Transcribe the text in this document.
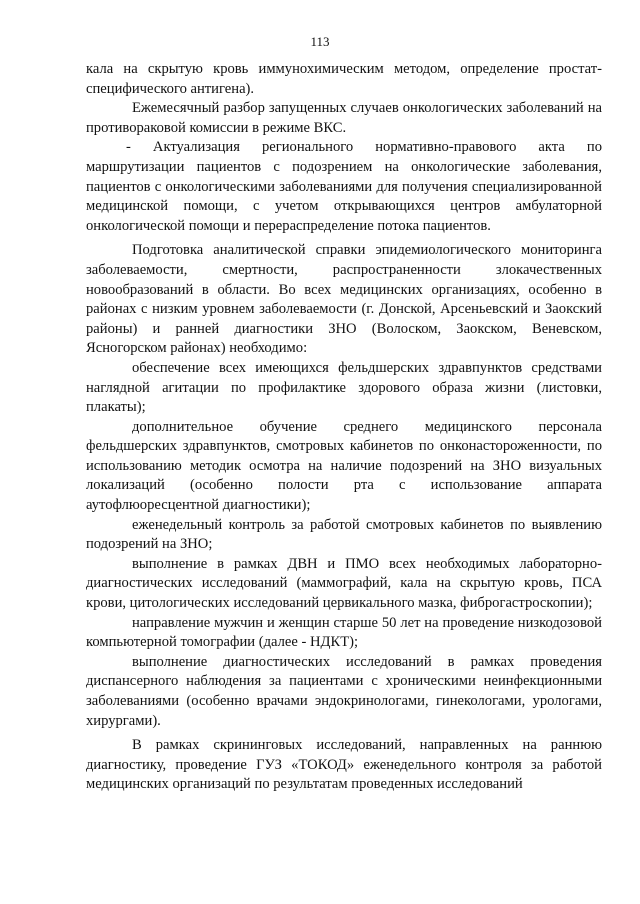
113

кала на скрытую кровь иммунохимическим методом, определение простат-специфического антигена).

Ежемесячный разбор запущенных случаев онкологических заболеваний на противораковой комиссии в режиме ВКС.

- Актуализация регионального нормативно-правового акта по маршрутизации пациентов с подозрением на онкологические заболевания, пациентов с онкологическими заболеваниями для получения специализированной медицинской помощи, с учетом открывающихся центров амбулаторной онкологической помощи и перераспределение потока пациентов.

Подготовка аналитической справки эпидемиологического мониторинга заболеваемости, смертности, распространенности злокачественных новообразований в области. Во всех медицинских организациях, особенно в районах с низким уровнем заболеваемости (г. Донской, Арсеньевский и Заокский районы) и ранней диагностики ЗНО (Волоском, Заокском, Веневском, Ясногорском районах) необходимо:

обеспечение всех имеющихся фельдшерских здравпунктов средствами наглядной агитации по профилактике здорового образа жизни (листовки, плакаты);

дополнительное обучение среднего медицинского персонала фельдшерских здравпунктов, смотровых кабинетов по онконастороженности, по использованию методик осмотра на наличие подозрений на ЗНО визуальных локализаций (особенно полости рта с использование аппарата аутофлюоресцентной диагностики);

еженедельный контроль за работой смотровых кабинетов по выявлению подозрений на ЗНО;

выполнение в рамках ДВН и ПМО всех необходимых лабораторно-диагностических исследований (маммографий, кала на скрытую кровь, ПСА крови, цитологических исследований цервикального мазка, фиброгастроскопии);

направление мужчин и женщин старше 50 лет на проведение низкодозовой компьютерной томографии (далее - НДКТ);

выполнение диагностических исследований в рамках проведения диспансерного наблюдения за пациентами с хроническими неинфекционными заболеваниями (особенно врачами эндокринологами, гинекологами, урологами, хирургами).

В рамках скрининговых исследований, направленных на раннюю диагностику, проведение ГУЗ «ТОКОД» еженедельного контроля за работой медицинских организаций по результатам проведенных исследований
